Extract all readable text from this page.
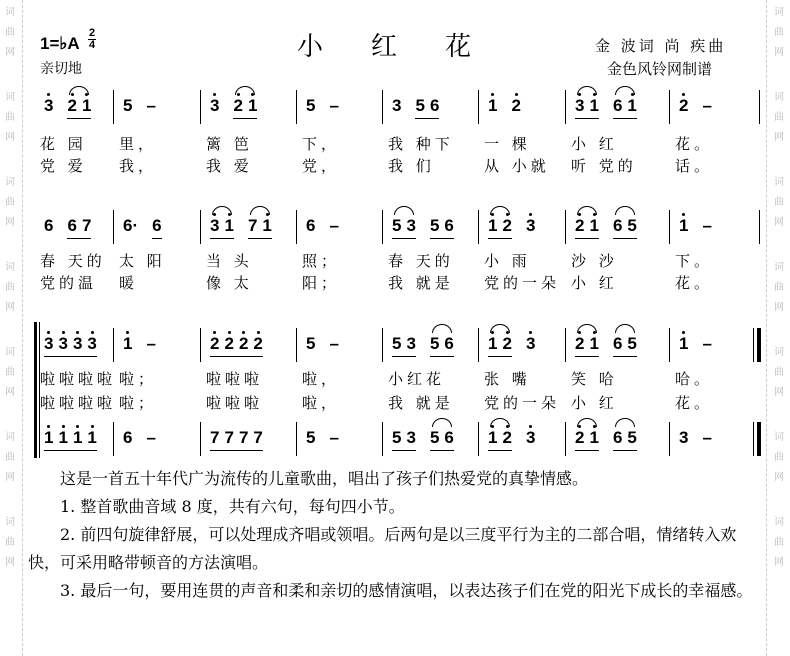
词
曲
网
词
曲
网
词
曲
网
词
曲
网
词
曲
网
词
曲
网
词
曲
网
词
曲
网
词
曲
网
词
曲
网
词
曲
网
词
曲
网
词
曲
网
词
曲
网
1=♭A
2
4
亲切地
小红花	金 波词 尚 疾曲
金色风铃网制谱
3 2 1 5 –	3 2 1	5 –	3 5 6	1 2	3 1 6 1 2 –
花 园 里，	篱 笆	下，	我 种下 一 棵	小 红	花。
党 爱 我，	我 爱	党，	我 们	从 小就 听 党的	话。
6 6 7 6· 6	3 1 7 1 6 –	5 3 5 6 1 2 3 2 1 6 5 1 –
春 天的 太 阳	当 头	照；	春 天的 小 雨	沙 沙	下。
党的温 暖	像 太	阳；	我 就是 党的一朵 小 红	花。
3 3 3 3 1 –	2 2 2 2	5 –	5 3 5 6 1 2 3 2 1 6 5 1 –
啦啦啦啦 啦；	啦啦啦	啦，	小红花	张 嘴	笑 哈	哈。
啦啦啦啦 啦；	啦啦啦	啦，	我 就是 党的一朵 小 红	花。
1 1 1 1 6 –	7 7 7 7	5 –	5 3 5 6 1 2 3 2 1 6 5 3 –

这是一首五十年代广为流传的儿童歌曲，唱出了孩子们热爱党的真挚情感。

1. 整首歌曲音域 8 度，共有六句，每句四小节。

2. 前四句旋律舒展，可以处理成齐唱或领唱。后两句是以三度平行为主的二部合唱，情绪转入欢快，可采用略带顿音的方法演唱。

3. 最后一句，要用连贯的声音和柔和亲切的感情演唱，以表达孩子们在党的阳光下成长的幸福感。
